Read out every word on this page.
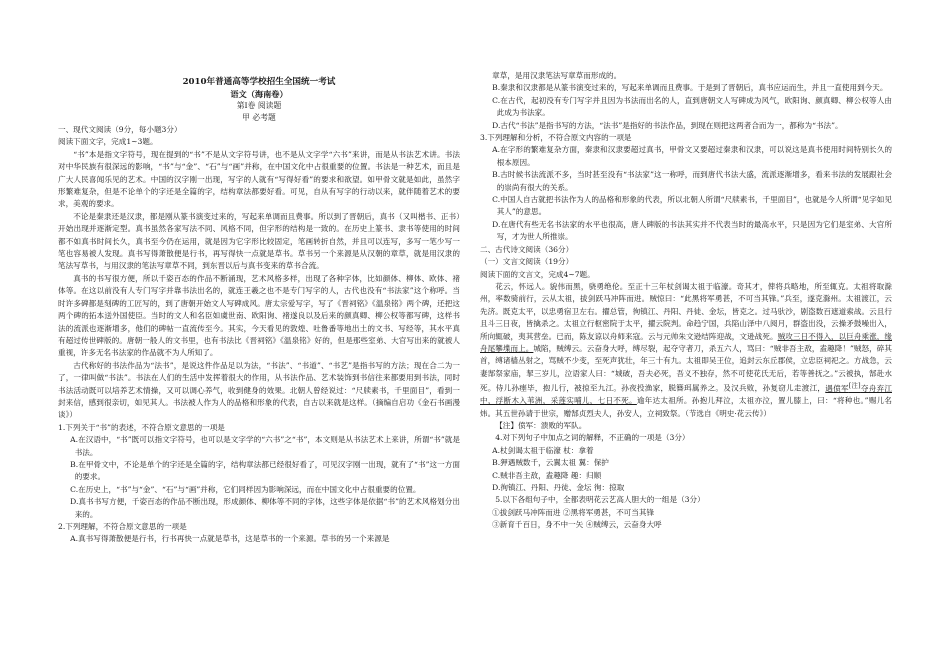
2010年普通高等学校招生全国统一考试

语文（海南卷）

第Ⅰ卷 阅读题

甲 必考题

一、现代文阅读（9分，每小题3分）

阅读下面文字，完成1~3题。

“书”本是指文字符号，现在提到的“书”不是从文字符号讲，也不是从文字学“六书”来讲，而是从书法艺术讲。书法对中华民族有很深远的影响，“书”与“金”、“石”与“画”并称，在中国文化中占很重要的位置。书法是一种艺术，而且是广大人民喜闻乐见的艺术。中国的汉字刚一出现，写字的人就有“写得好看”的要求和欲望。如甲骨文就是如此，虽然字形繁难复杂，但是不论单个的字还是全篇的字，结构章法都要好看。可见，自从有写字的行动以来，就伴随着艺术的要求，美观的要求。

不论是秦隶还是汉隶，都是刚从篆书演变过来的，写起来单调而且费事。所以到了晋朝后，真书（又叫楷书、正书）开始出现并逐渐定型。真书虽然各家写法不同、风格不同，但字形的结构是一致的。在历史上篆书、隶书等使用的时间都不如真书时间长久，真书至今仍在运用，就是因为它字形比较固定，笔画转折自然，并且可以连写，多写一笔少写一笔也容易被人发现。真书写得萧散便是行书，再写得快一点就是草书。草书另一个来源是从汉朝的章草，就是用汉隶的笔法写草书，与用汉隶的笔法写章草不同，到东晋以后与真书变来的草书合流。

真书的书写很方便，所以千姿百态的作品不断涌现，艺术风格多样，出现了各种字体，比如颜体、柳体、欧体、褚体等。在这以前没有人专门写字并靠书法出名的，就连王羲之也不是专门写字的人，古代也没有“书法家”这个称呼。当时许多碑都是刻碑的工匠写的，到了唐朝开始文人写碑成风。唐太宗爱写字，写了《晋祠铭》《温泉铭》两个碑，还把这两个碑的拓本送外国使臣。当时的文人和名臣如虞世南、欧阳询、褚遂良以及后来的颜真卿、柳公权等都写碑，这样书法的流派也逐渐增多，他们的碑帖一直流传至今。其实，今天看见的敦煌、吐鲁番等地出土的文书、写经等，其水平真有超过传世碑版的。唐朝一般人的文书里，也有书法比《晋祠铭》《温泉铭》好的，但是那些室弟、大官写出来的就被人重视，许多无名书法家的作品就不为人所知了。

古代称好的书法作品为“法书”，是说这件作品足以为法，“书法”、“书道”、“书艺”是指书写的方法；现在合二为一了，一律叫做“书法”。书法在人们的生活中发挥着很大的作用，从书法作品、艺术装饰到书信往来都要用到书法，同时书法活动既可以培养艺术情操，又可以调心养气，收到健身的效果。北朝人曾经说过：“尺牍素书，千里面目”，看到一封来信，感到很亲切，如见其人。书法被人作为人的品格和形象的代表，自古以来就是这样。（摘编自启功《金石书画漫谈》）

1.下列关于“书”的表述，不符合原文意思的一项是

A.在汉语中，“书”既可以指文字符号，也可以是文字学的“六书”之“书”，本文则是从书法艺术上来讲，所谓“书”就是书法。

B.在甲骨文中，不论是单个的字还是全篇的字，结构章法都已经很好看了，可见汉字刚一出现，就有了“书”这一方面的要求。

C.在历史上，“书”与“金”、“石”与“画”并称，它们同样因为影响深远，而在中国文化中占很重要的位置。

D.真书书写方便，千姿百态的作品不断出现，形成颜体、柳体等不同的字体，这些字体是依据“书”的艺术风格划分出来的。

2.下列理解，不符合原文意思的一项是

A.真书写得萧散便是行书，行书再快一点就是草书，这是草书的一个来源。草书的另一个来源是

章草，是用汉隶笔法写章草而形成的。

B.秦隶和汉隶都是从篆书演变过来的，写起来单调而且费事。于是到了晋朝后，真书应运而生，并且一直使用到今天。

C.在古代，起初没有专门写字并且因为书法而出名的人，直到唐朝文人写碑成为风气，欧阳询、颜真卿、柳公权等人由此成为书法家。

D.古代“书法”是指书写的方法，“法书”是指好的书法作品，到现在则把这两者合而为一，都称为“书法”。

3.下列理解和分析，不符合原文内容的一项是

A.在字形的繁难复杂方面，秦隶和汉隶要超过真书，甲骨文又要超过秦隶和汉隶，可以说这是真书使用时间特别长久的根本原因。

B.古时候书法流派不多，当时甚至没有“书法家”这一称呼，而到唐代书法大盛，流派逐渐增多，看来书法的发展跟社会的崇尚有很大的关系。

C.中国人自古就把书法作为人的品格和形象的代表，所以北朝人所谓“尺牍素书，千里面目”，也就是今人所谓“见字如见其人”的意思。

D.在唐代有些无名书法家的水平也很高，唐人碑版的书法其实并不代表当时的最高水平，只是因为它们是室弟、大官所写，才为世人所推崇。

二、古代诗文阅读（36分）

（一）文言文阅读（19分）

阅读下面的文言文，完成4~7题。

花云，怀远人。貌伟而黑，骁勇绝伦。至正十三年杖剑谒太祖于临濠。奇其才，俾将兵略地，所至辄克。太祖将取滁州，率数骑前行，云从太祖，拔剑跃马冲阵而进。贼惊曰：“此黑将军勇甚，不可当其锋。”兵至，遂克滁州。太祖渡江，云先济。既克太平，以忠勇宿卫左右。擢总管，徇镇江、丹阳、丹徒、金坛，皆克之。过马驮沙，剧盗数百遮道索战。云且行且斗三日夜，皆擒杀之。太祖立行枢密院于太平，擢云院判。命趋宁国，兵陷山泽中八阅月，群盗出没，云操矛鼓噪出入，所向辄破，夷其营垒。已而，陈友谅以舟师来寇。云与元帅朱文逊结阵迎战，文逊战死。贼攻三日不得入，以巨舟乘涨，缘舟尾攀堞而上。城陷，贼缚云。云奋身大呼，缚尽裂，起夺守者刀，杀五六人，骂曰：“贼非吾主敌，盍趣降！”贼怒，碎其首，缚诸樯丛射之，骂贼不少变，至死声犹壮，年三十有九。太祖即吴王位，追封云东丘郡侯，立忠臣祠祀之。方战急，云妻郜祭家庙，挈三岁儿，泣语家人曰：“城破，吾夫必死，吾义不独存，然不可使花氏无后，若等善抚之。”云被执，郜赴水死。侍儿孙瘗毕，抱儿行，被掠至九江。孙夜投渔家，脱簪珥属养之。及汉兵败，孙复窃儿走渡江，遇偾军[注]夺舟弃江中，浮断木入苇洲，采莲实哺儿，七日不死。逾年达太祖所。孙抱儿拜泣，太祖亦泣，置儿膝上，曰：“将种也。”赐儿名炜。其五世孙请于世宗，赠郜贞烈夫人，孙安人，立祠致祭。（节选自《明史·花云传》）

【注】偾军：溃败的军队。

4.对下列句子中加点之词的解释，不正确的一项是（3分）

A.杖剑谒太祖于临濠 杖：拿着

B.狎遇贼数千，云翼太祖 翼：保护

C.贼非吾主敌，盍趣降 趣：归顺

D.徇镇江、丹阳、丹徒、金坛 徇：掠取

5.以下各组句子中，全都表明花云艺高人胆大的一组是（3分）

①拔剑跃马冲阵而进 ②黑将军勇甚，不可当其锋

③新育千百日，身不中一矢 ④贼缚云，云奋身大呼
